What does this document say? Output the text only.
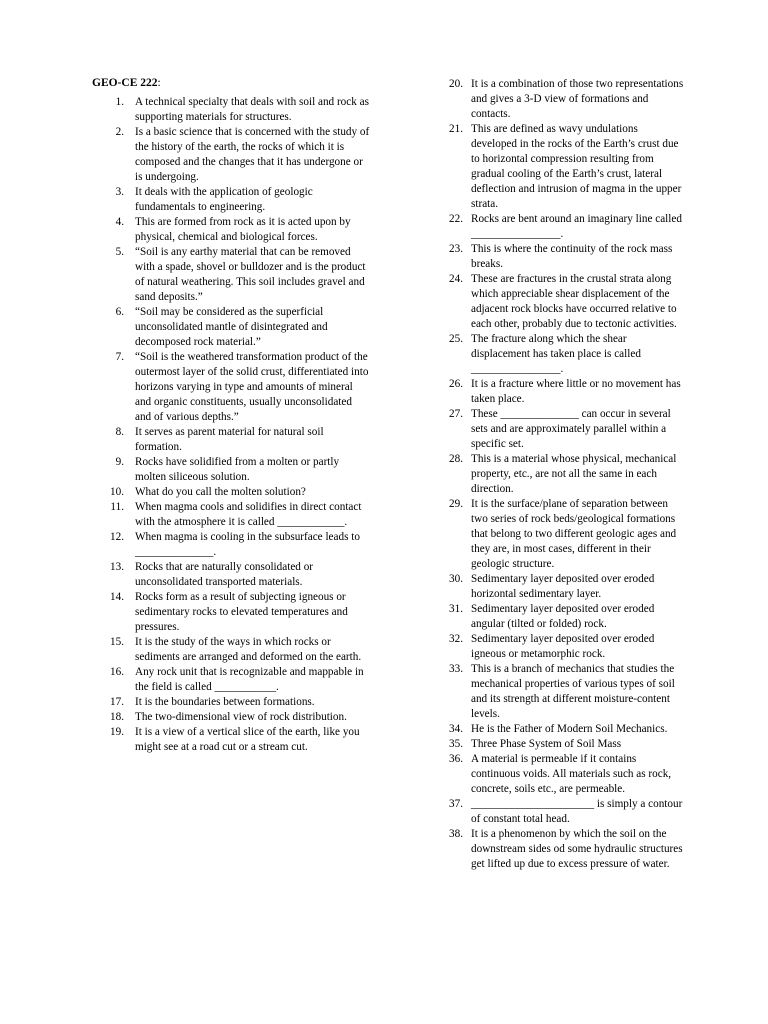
GEO-CE 222:
1. A technical specialty that deals with soil and rock as supporting materials for structures.
2. Is a basic science that is concerned with the study of the history of the earth, the rocks of which it is composed and the changes that it has undergone or is undergoing.
3. It deals with the application of geologic fundamentals to engineering.
4. This are formed from rock as it is acted upon by physical, chemical and biological forces.
5. “Soil is any earthy material that can be removed with a spade, shovel or bulldozer and is the product of natural weathering. This soil includes gravel and sand deposits.”
6. “Soil may be considered as the superficial unconsolidated mantle of disintegrated and decomposed rock material.”
7. “Soil is the weathered transformation product of the outermost layer of the solid crust, differentiated into horizons varying in type and amounts of mineral and organic constituents, usually unconsolidated and of various depths.”
8. It serves as parent material for natural soil formation.
9. Rocks have solidified from a molten or partly molten siliceous solution.
10. What do you call the molten solution?
11. When magma cools and solidifies in direct contact with the atmosphere it is called ____________.
12. When magma is cooling in the subsurface leads to ______________.
13. Rocks that are naturally consolidated or unconsolidated transported materials.
14. Rocks form as a result of subjecting igneous or sedimentary rocks to elevated temperatures and pressures.
15. It is the study of the ways in which rocks or sediments are arranged and deformed on the earth.
16. Any rock unit that is recognizable and mappable in the field is called ___________.
17. It is the boundaries between formations.
18. The two-dimensional view of rock distribution.
19. It is a view of a vertical slice of the earth, like you might see at a road cut or a stream cut.
20. It is a combination of those two representations and gives a 3-D view of formations and contacts.
21. This are defined as wavy undulations developed in the rocks of the Earth’s crust due to horizontal compression resulting from gradual cooling of the Earth’s crust, lateral deflection and intrusion of magma in the upper strata.
22. Rocks are bent around an imaginary line called ________________.
23. This is where the continuity of the rock mass breaks.
24. These are fractures in the crustal strata along which appreciable shear displacement of the adjacent rock blocks have occurred relative to each other, probably due to tectonic activities.
25. The fracture along which the shear displacement has taken place is called ________________.
26. It is a fracture where little or no movement has taken place.
27. These ______________ can occur in several sets and are approximately parallel within a specific set.
28. This is a material whose physical, mechanical property, etc., are not all the same in each direction.
29. It is the surface/plane of separation between two series of rock beds/geological formations that belong to two different geologic ages and they are, in most cases, different in their geologic structure.
30. Sedimentary layer deposited over eroded horizontal sedimentary layer.
31. Sedimentary layer deposited over eroded angular (tilted or folded) rock.
32. Sedimentary layer deposited over eroded igneous or metamorphic rock.
33. This is a branch of mechanics that studies the mechanical properties of various types of soil and its strength at different moisture-content levels.
34. He is the Father of Modern Soil Mechanics.
35. Three Phase System of Soil Mass
36. A material is permeable if it contains continuous voids. All materials such as rock, concrete, soils etc., are permeable.
37. ______________________ is simply a contour of constant total head.
38. It is a phenomenon by which the soil on the downstream sides od some hydraulic structures get lifted up due to excess pressure of water.
